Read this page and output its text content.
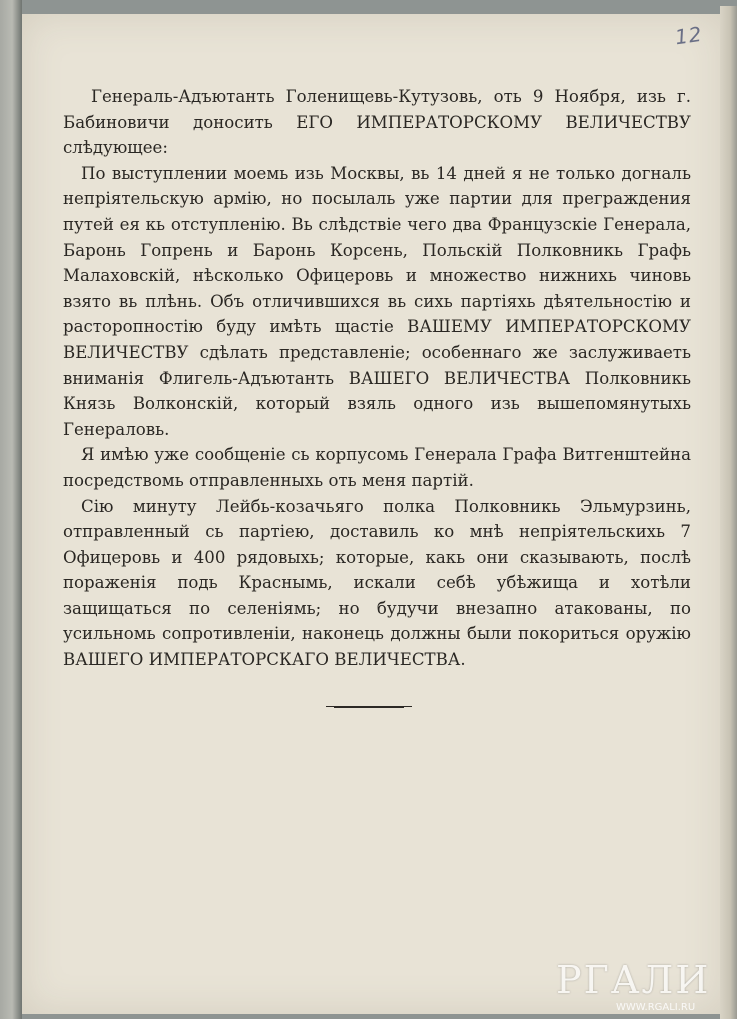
12

Генераль-Адъютанть Голенищевь-Кутузовь, оть 9 Ноября, изь г. Бабиновичи доносить ЕГО ИМПЕРАТОРСКОМУ ВЕЛИЧЕСТВУ слѣдующее:

По выступлении моемь изь Москвы, вь 14 дней я не только догналь непріятельскую армію, но посылаль уже партии для преграждения путей ея кь отступленію. Вь слѣдствіе чего два Французскіе Генерала, Баронь Гопрень и Баронь Корсень, Польскій Полковникь Графь Малаховскій, нѣсколько Офицеровь и множество нижнихь чиновь взято вь плѣнь. Объ отличившихся вь сихь партіяхь дѣятельностію и расторопностію буду имѣть щастіе ВАШЕМУ ИМПЕРАТОРСКОМУ ВЕЛИЧЕСТВУ сдѣлать представленіе; особеннаго же заслуживаеть вниманія Флигель-Адъютанть ВАШЕГО ВЕЛИЧЕСТВА Полковникь Князь Волконскій, который взяль одного изь вышепомянутыхь Генераловь.

Я имѣю уже сообщеніе сь корпусомь Генерала Графа Витгенштейна посредствомь отправленныхь оть меня партій.

Сію минуту Лейбь-козачьяго полка Полковникь Эльмурзинь, отправленный сь партіею, доставиль ко мнѣ непріятельскихь 7 Офицеровь и 400 рядовыхь; которые, какь они сказывають, послѣ пораженія подь Краснымь, искали себѣ убѣжища и хотѣли защищаться по селеніямь; но будучи внезапно атакованы, по усильномь сопротивленіи, наконець должны были покориться оружію ВАШЕГО ИМПЕРАТОРСКАГО ВЕЛИЧЕСТВА.

РГАЛИ
WWW.RGALI.RU
